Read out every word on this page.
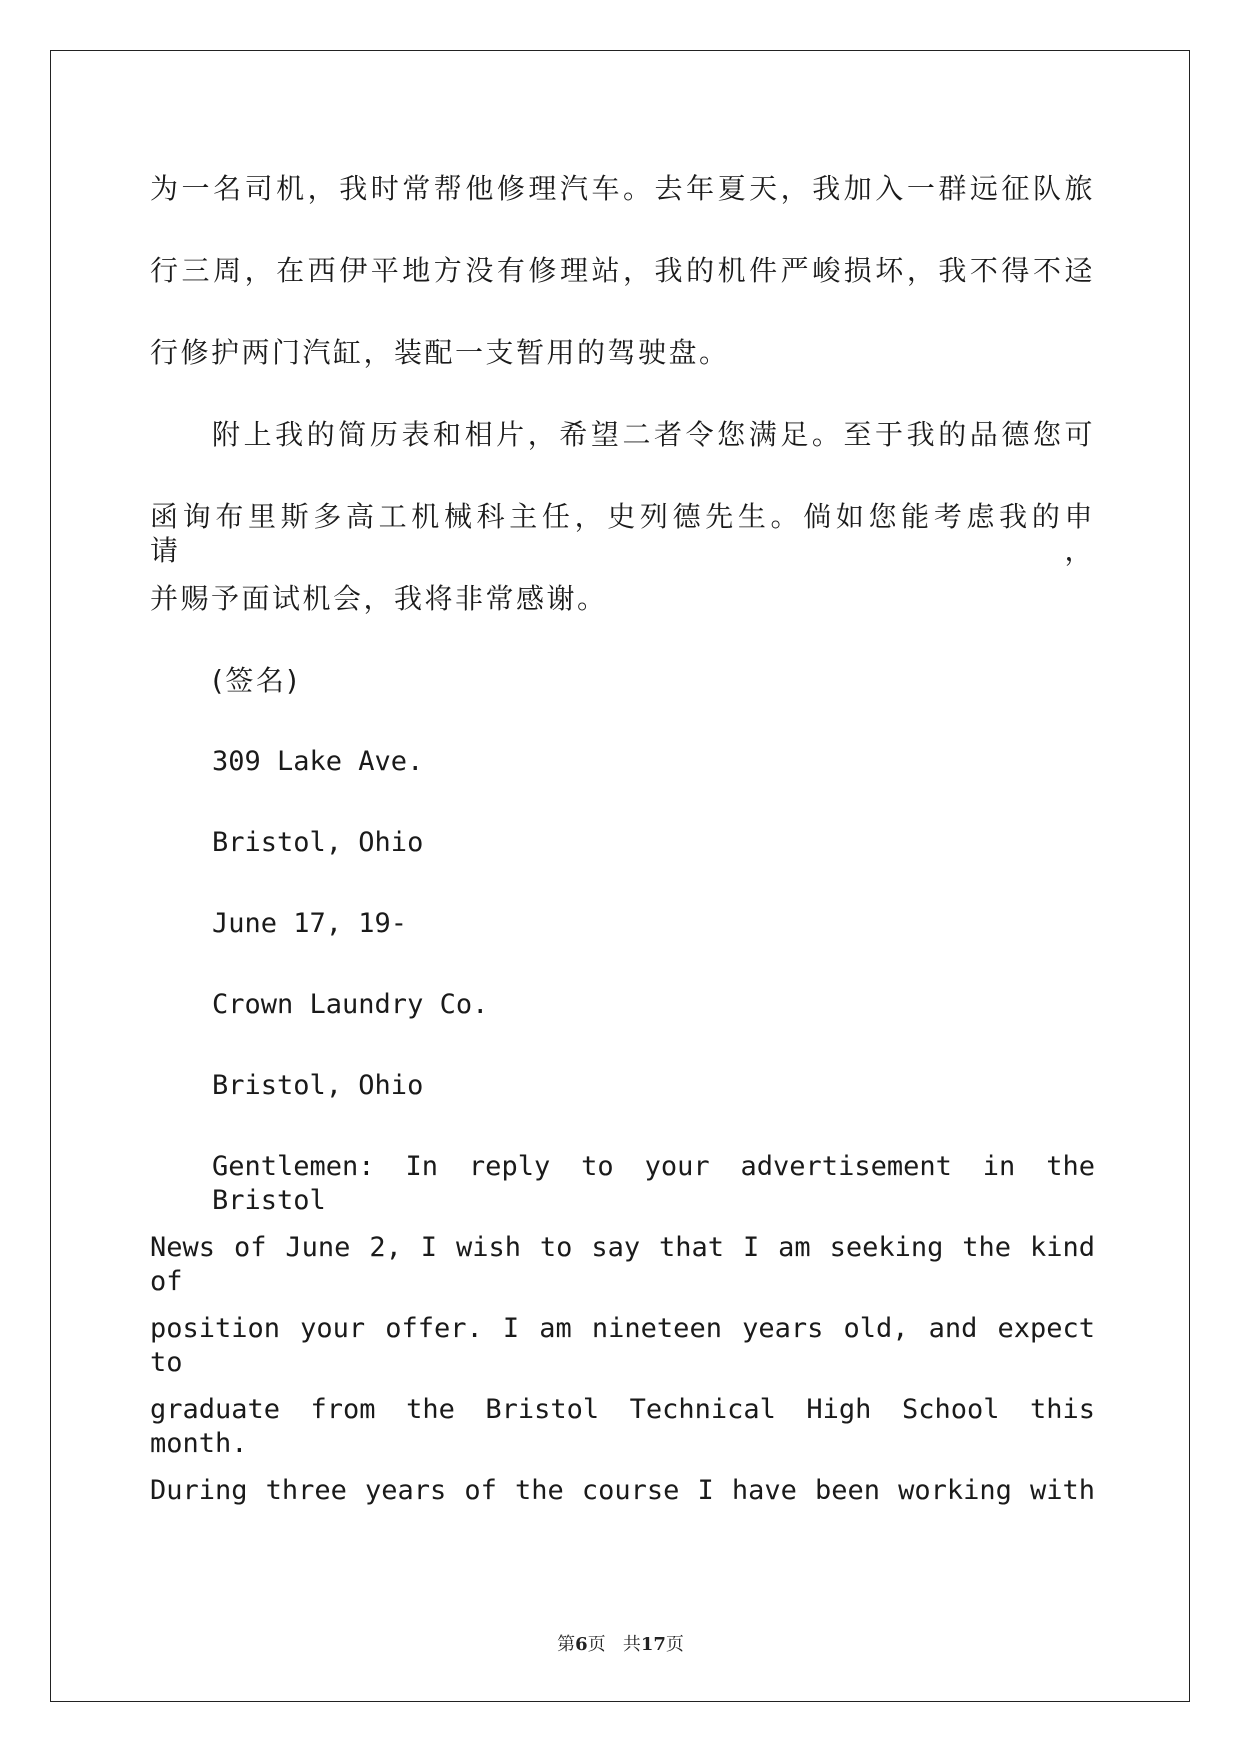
为一名司机，我时常帮他修理汽车。去年夏天，我加入一群远征队旅
行三周，在西伊平地方没有修理站，我的机件严峻损坏，我不得不迳
行修护两门汽缸，装配一支暂用的驾驶盘。
附上我的简历表和相片，希望二者令您满足。至于我的品德您可
函询布里斯多高工机械科主任，史列德先生。倘如您能考虑我的申请，
并赐予面试机会，我将非常感谢。
(签名)
309 Lake Ave.
Bristol, Ohio
June 17, 19-
Crown Laundry Co.
Bristol, Ohio
Gentlemen: In reply to your advertisement in the Bristol
News of June 2, I wish to say that I am seeking the kind of
position your offer. I am nineteen years old, and expect to
graduate from the Bristol Technical High School this month.
During three years of the course I have been working with
第6页 共17页
